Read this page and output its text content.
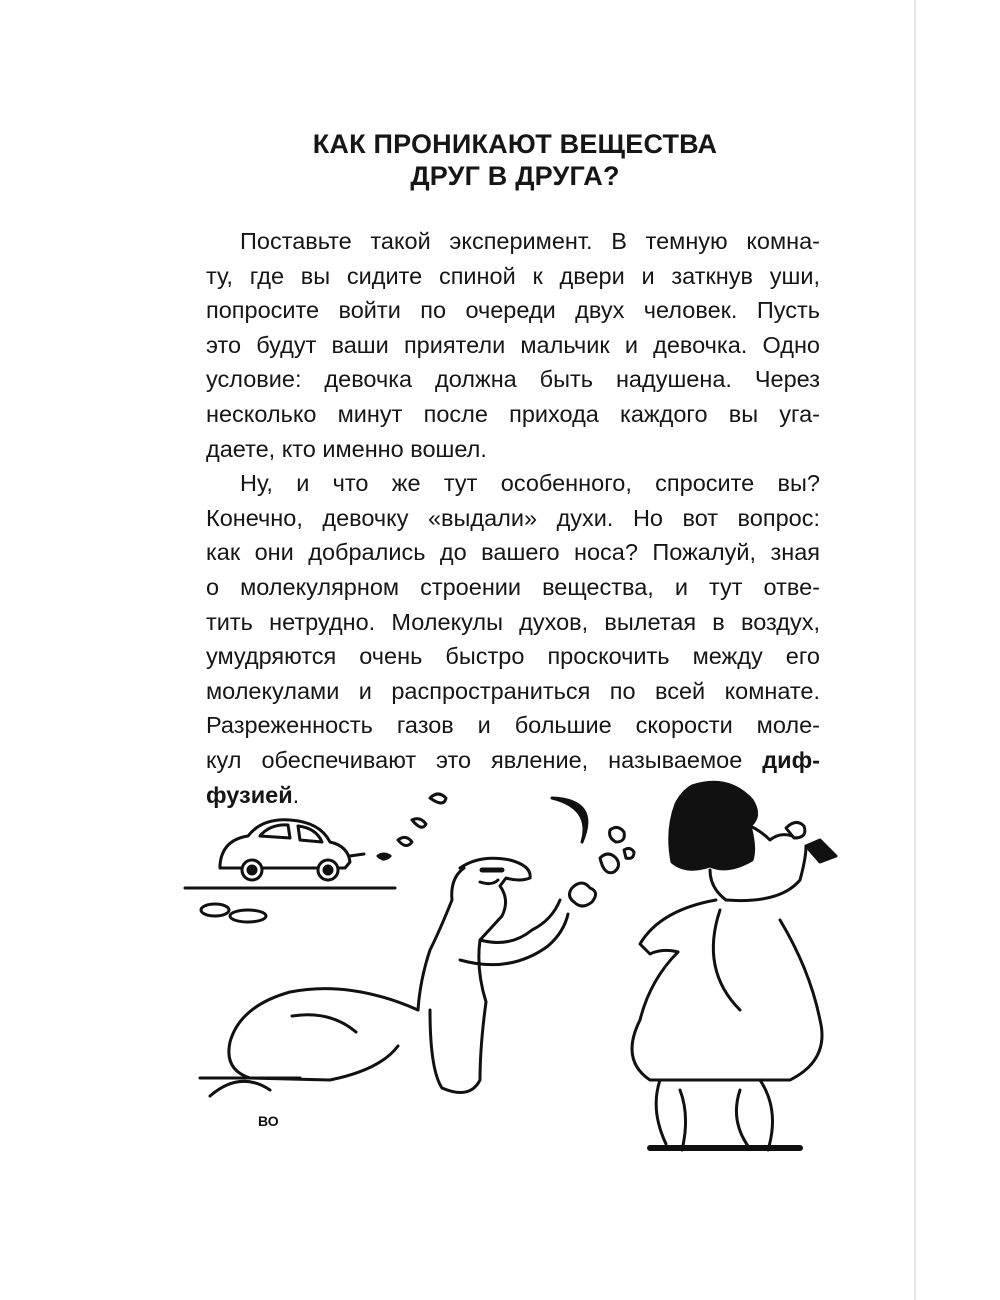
КАК ПРОНИКАЮТ ВЕЩЕСТВА
ДРУГ В ДРУГА?
Поставьте такой эксперимент. В темную комна-
ту, где вы сидите спиной к двери и заткнув уши,
попросите войти по очереди двух человек. Пусть
это будут ваши приятели мальчик и девочка. Одно
условие: девочка должна быть надушена. Через
несколько минут после прихода каждого вы уга-
даете, кто именно вошел.
Ну, и что же тут особенного, спросите вы?
Конечно, девочку «выдали» духи. Но вот вопрос:
как они добрались до вашего носа? Пожалуй, зная
о молекулярном строении вещества, и тут отве-
тить нетрудно. Молекулы духов, вылетая в воздух,
умудряются очень быстро проскочить между его
молекулами и распространиться по всей комнате.
Разреженность газов и большие скорости моле-
кул обеспечивают это явление, называемое диф-
фузией.
ВО
